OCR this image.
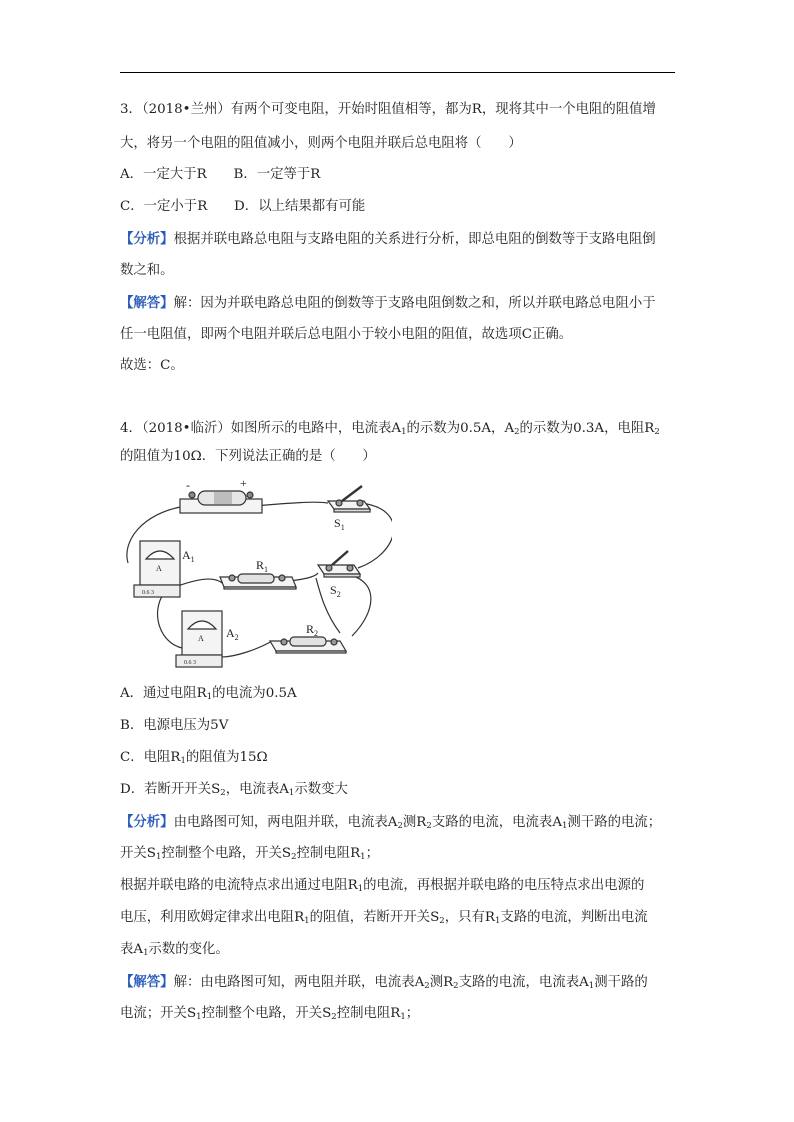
3．（2018•兰州）有两个可变电阻，开始时阻值相等，都为R，现将其中一个电阻的阻值增
大，将另一个电阻的阻值减小，则两个电阻并联后总电阻将（　　）
A．一定大于R　　B．一定等于R
C．一定小于R　　D．以上结果都有可能
【分析】根据并联电路总电阻与支路电阻的关系进行分析，即总电阻的倒数等于支路电阻倒
数之和。
【解答】解：因为并联电路总电阻的倒数等于支路电阻倒数之和，所以并联电路总电阻小于
任一电阻值，即两个电阻并联后总电阻小于较小电阻的阻值，故选项C正确。
故选：C。
4．（2018•临沂）如图所示的电路中，电流表$A_1$的示数为0.5A，$A_2$的示数为0.3A，电阻$R_2$
的阻值为10Ω．下列说法正确的是（　　）
-	+
$S_1$
$S_2$
$R_1$
$R_2$
A
0.6 3
$A_1$
A
0.6 3
$A_2$
A．通过电阻$R_1$的电流为0.5A
B．电源电压为5V
C．电阻$R_1$的阻值为15Ω
D．若断开开关$S_2$，电流表$A_1$示数变大
【分析】由电路图可知，两电阻并联，电流表$A_2$测$R_2$支路的电流，电流表$A_1$测干路的电流；
开关$S_1$控制整个电路，开关$S_2$控制电阻$R_1$；
根据并联电路的电流特点求出通过电阻$R_1$的电流，再根据并联电路的电压特点求出电源的
电压，利用欧姆定律求出电阻$R_1$的阻值，若断开开关$S_2$，只有$R_1$支路的电流，判断出电流
表$A_1$示数的变化。
【解答】解：由电路图可知，两电阻并联，电流表$A_2$测$R_2$支路的电流，电流表$A_1$测干路的
电流；开关$S_1$控制整个电路，开关$S_2$控制电阻$R_1$；
